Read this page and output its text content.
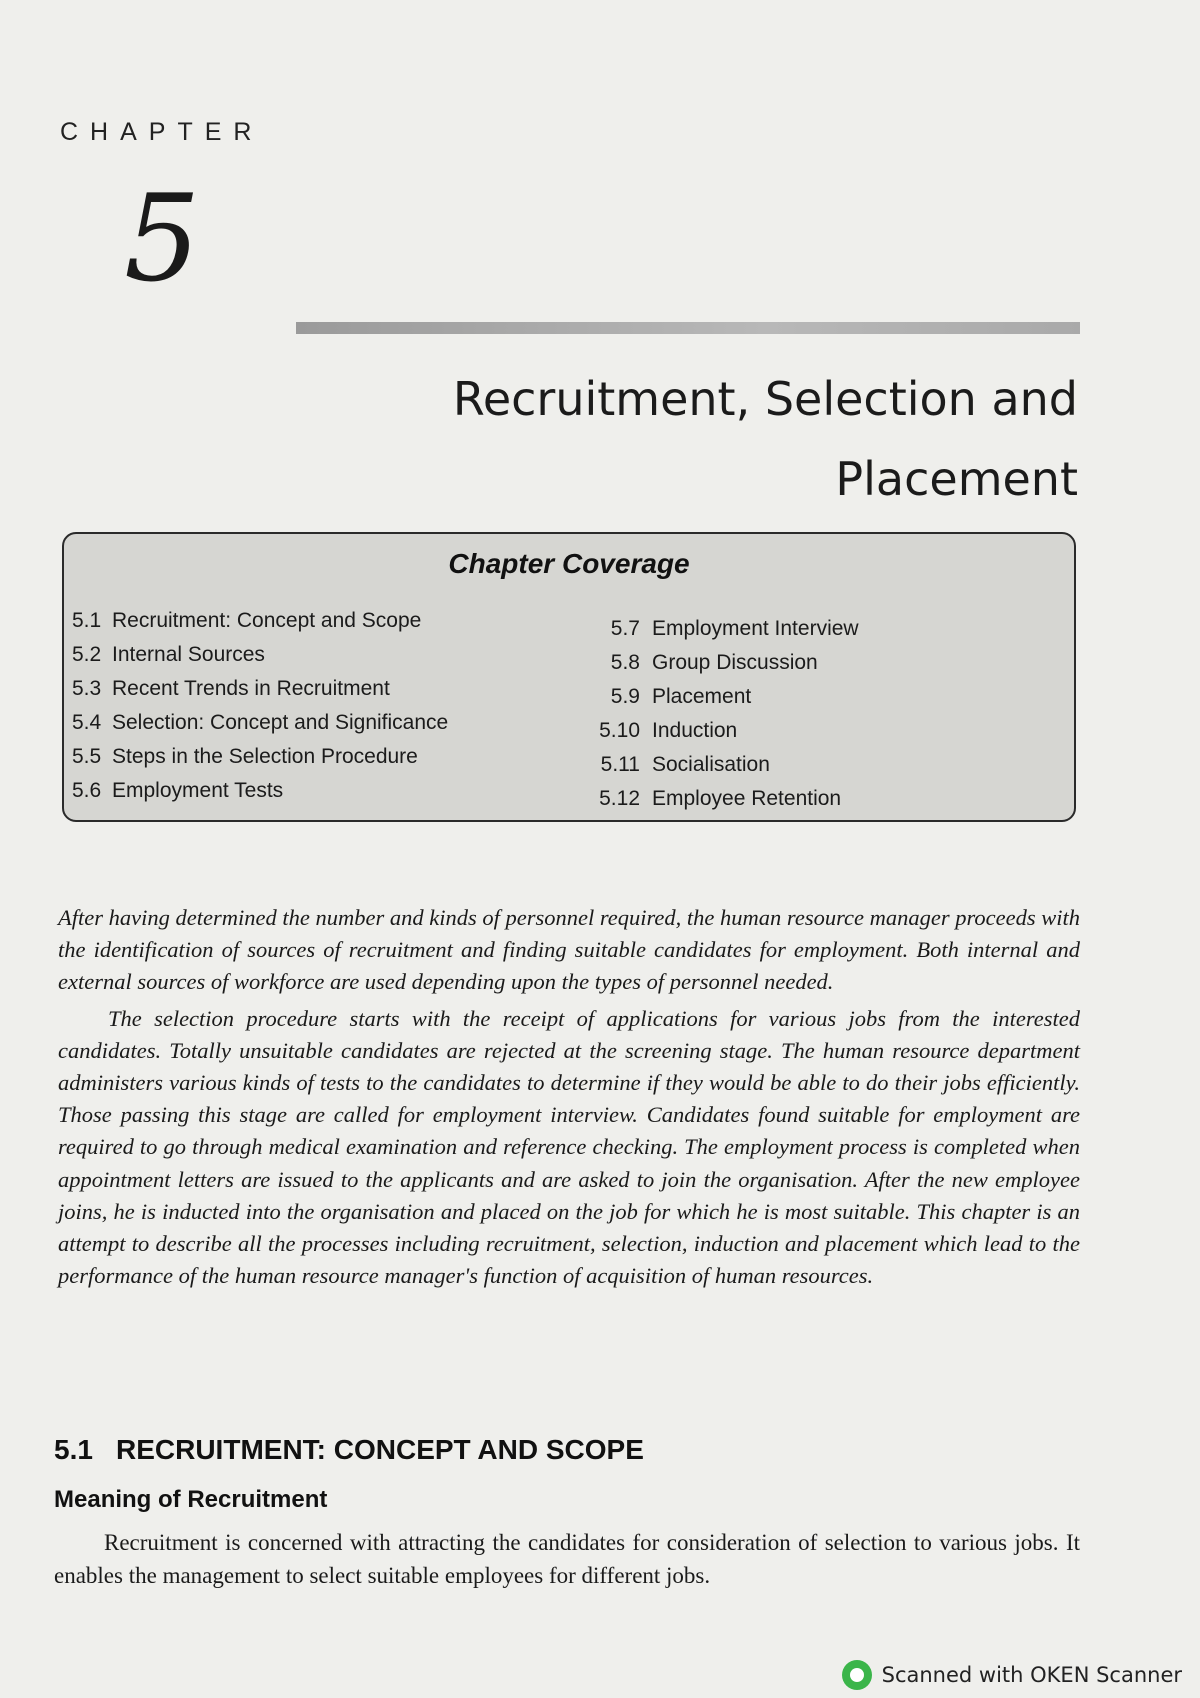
CHAPTER
5
Recruitment, Selection and
Placement
Chapter Coverage
5.1 Recruitment: Concept and Scope
5.2 Internal Sources
5.3 Recent Trends in Recruitment
5.4 Selection: Concept and Significance
5.5 Steps in the Selection Procedure
5.6 Employment Tests
5.7 Employment Interview
5.8 Group Discussion
5.9 Placement
5.10 Induction
5.11 Socialisation
5.12 Employee Retention

After having determined the number and kinds of personnel required, the human resource manager proceeds with the identification of sources of recruitment and finding suitable candidates for employment. Both internal and external sources of workforce are used depending upon the types of personnel needed.

The selection procedure starts with the receipt of applications for various jobs from the interested candidates. Totally unsuitable candidates are rejected at the screening stage. The human resource department administers various kinds of tests to the candidates to determine if they would be able to do their jobs efficiently. Those passing this stage are called for employment interview. Candidates found suitable for employment are required to go through medical examination and reference checking. The employment process is completed when appointment letters are issued to the applicants and are asked to join the organisation. After the new employee joins, he is inducted into the organisation and placed on the job for which he is most suitable. This chapter is an attempt to describe all the processes including recruitment, selection, induction and placement which lead to the performance of the human resource manager's function of acquisition of human resources.

5.1 RECRUITMENT: CONCEPT AND SCOPE
Meaning of Recruitment

Recruitment is concerned with attracting the candidates for consideration of selection to various jobs. It enables the management to select suitable employees for different jobs.

Scanned with OKEN Scanner
